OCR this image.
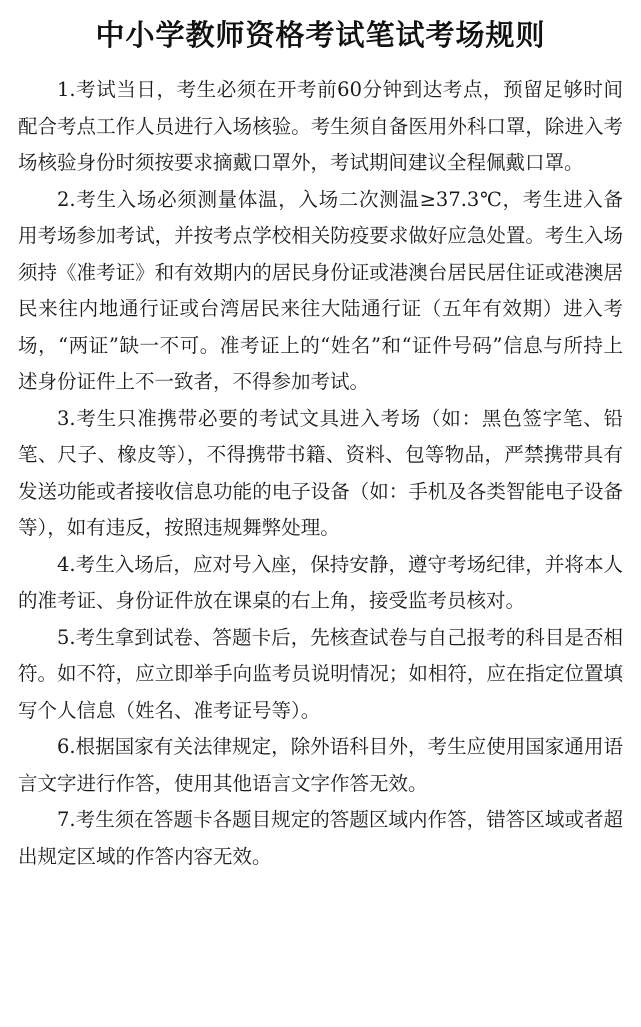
中小学教师资格考试笔试考场规则

1.考试当日，考生必须在开考前60分钟到达考点，预留足够时间配合考点工作人员进行入场核验。考生须自备医用外科口罩，除进入考场核验身份时须按要求摘戴口罩外，考试期间建议全程佩戴口罩。

2.考生入场必须测量体温，入场二次测温≥37.3℃，考生进入备用考场参加考试，并按考点学校相关防疫要求做好应急处置。考生入场须持《准考证》和有效期内的居民身份证或港澳台居民居住证或港澳居民来往内地通行证或台湾居民来往大陆通行证（五年有效期）进入考场，“两证”缺一不可。准考证上的“姓名”和“证件号码”信息与所持上述身份证件上不一致者，不得参加考试。

3.考生只准携带必要的考试文具进入考场（如：黑色签字笔、铅笔、尺子、橡皮等），不得携带书籍、资料、包等物品，严禁携带具有发送功能或者接收信息功能的电子设备（如：手机及各类智能电子设备等），如有违反，按照违规舞弊处理。

4.考生入场后，应对号入座，保持安静，遵守考场纪律，并将本人的准考证、身份证件放在课桌的右上角，接受监考员核对。

5.考生拿到试卷、答题卡后，先核查试卷与自己报考的科目是否相符。如不符，应立即举手向监考员说明情况；如相符，应在指定位置填写个人信息（姓名、准考证号等）。

6.根据国家有关法律规定，除外语科目外，考生应使用国家通用语言文字进行作答，使用其他语言文字作答无效。

7.考生须在答题卡各题目规定的答题区域内作答，错答区域或者超出规定区域的作答内容无效。
